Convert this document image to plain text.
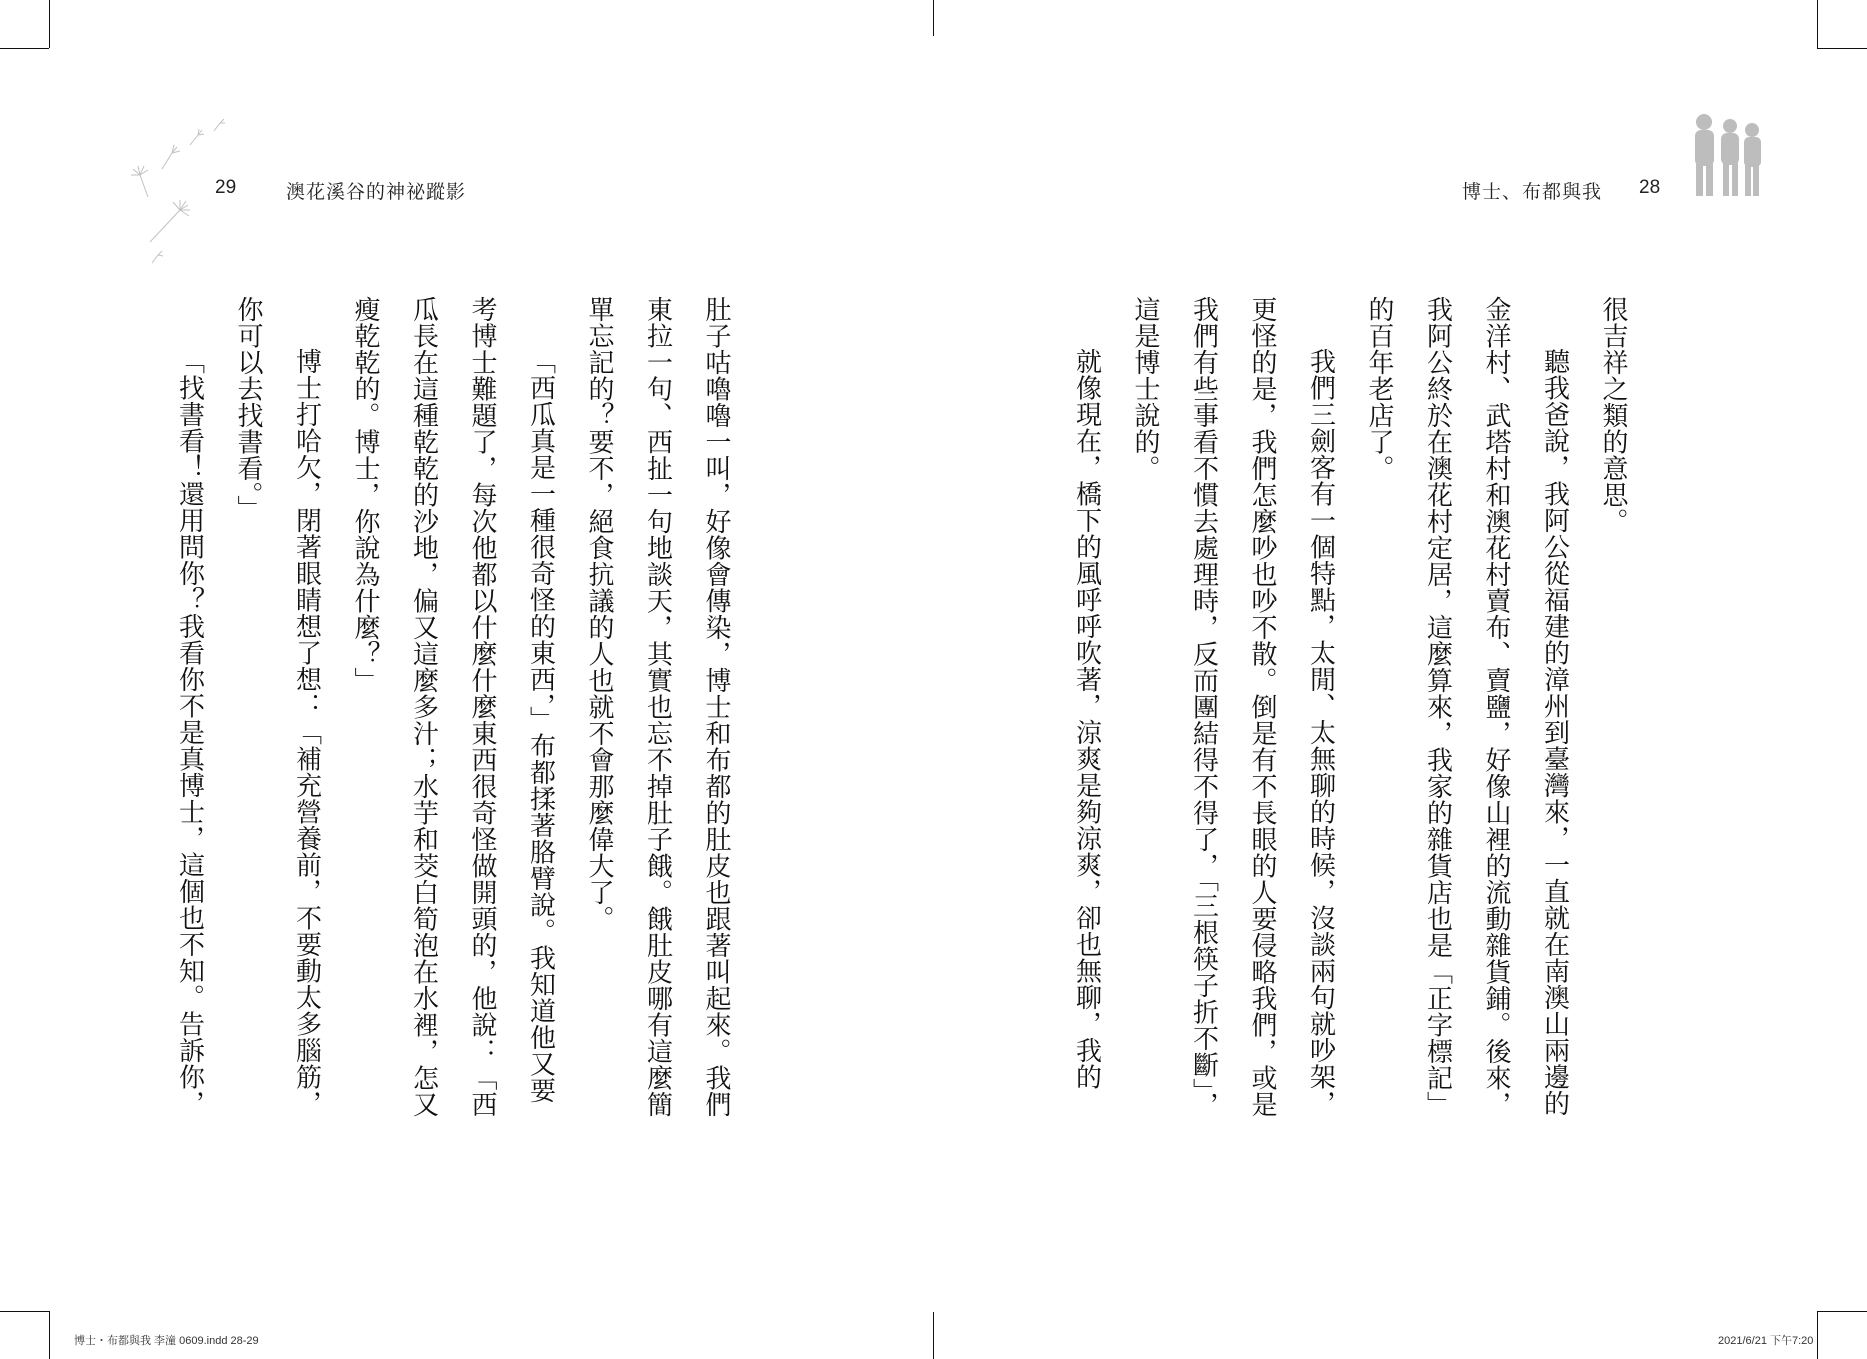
29	澳花溪谷的神祕蹤影	博士、布都與我 28

肚子咕嚕嚕一叫，好像會傳染，博士和布都的肚皮也跟著叫起來。我們東拉一句、西扯一句地談天，其實也忘不掉肚子餓。餓肚皮哪有這麼簡單忘記的？要不，絕食抗議的人也就不會那麼偉大了。

「西瓜真是一種很奇怪的東西，」布都揉著胳臂說。我知道他又要考博士難題了，每次他都以什麼什麼東西很奇怪做開頭的，他說：「西瓜長在這種乾乾的沙地，偏又這麼多汁；水芋和茭白筍泡在水裡，怎又瘦乾乾的。博士，你說為什麼？」

博士打哈欠，閉著眼睛想了想：「補充營養前，不要動太多腦筋，你可以去找書看。」

「找書看！還用問你？我看你不是真博士，這個也不知。告訴你，	很吉祥之類的意思。

聽我爸說，我阿公從福建的漳州到臺灣來，一直就在南澳山兩邊的金洋村、武塔村和澳花村賣布、賣鹽，好像山裡的流動雜貨鋪。後來，我阿公終於在澳花村定居，這麼算來，我家的雜貨店也是「正字標記」的百年老店了。

我們三劍客有一個特點，太閒、太無聊的時候，沒談兩句就吵架，更怪的是，我們怎麼吵也吵不散。倒是有不長眼的人要侵略我們，或是我們有些事看不慣去處理時，反而團結得不得了，「三根筷子折不斷」，這是博士說的。

就像現在，橋下的風呼呼吹著，涼爽是夠涼爽，卻也無聊，我的

博士・布都與我 李潼 0609.indd 28-29	2021/6/21 下午7:20
